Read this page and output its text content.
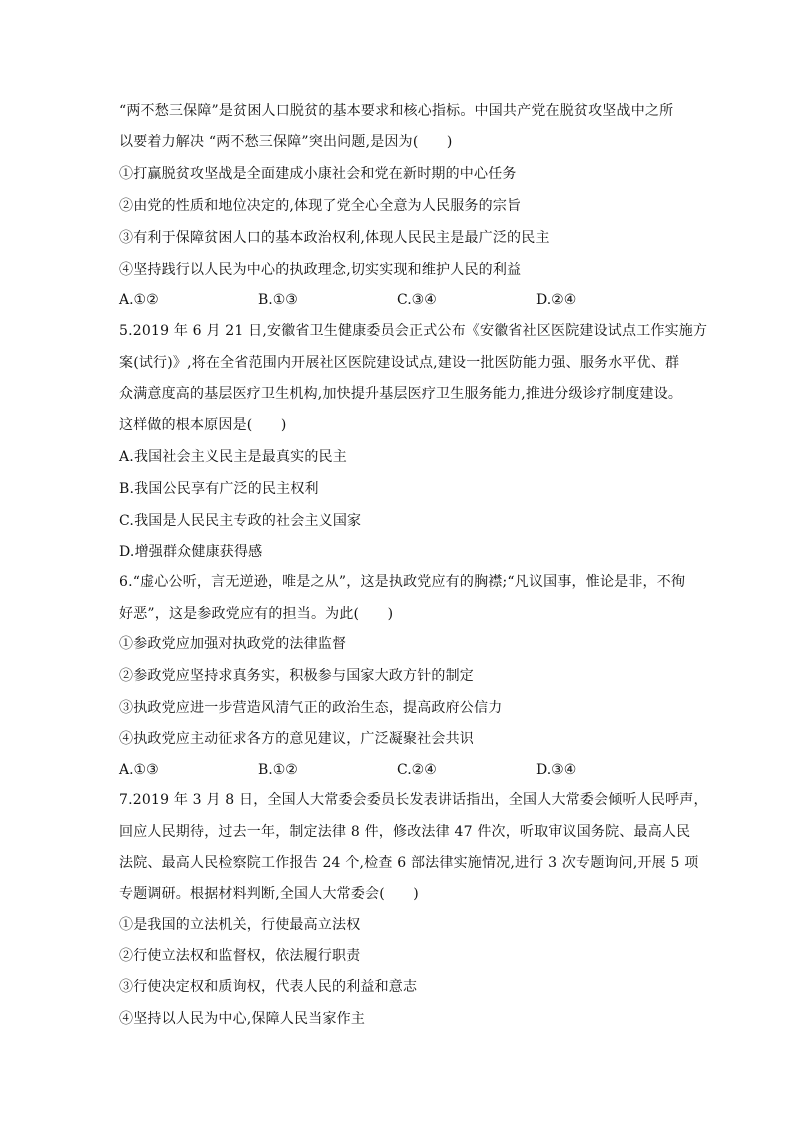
“两不愁三保障”是贫困人口脱贫的基本要求和核心指标。中国共产党在脱贫攻坚战中之所
以要着力解决 “两不愁三保障”突出问题,是因为(　　)
①打赢脱贫攻坚战是全面建成小康社会和党在新时期的中心任务
②由党的性质和地位决定的,体现了党全心全意为人民服务的宗旨
③有利于保障贫困人口的基本政治权利,体现人民民主是最广泛的民主
④坚持践行以人民为中心的执政理念,切实实现和维护人民的利益
A.①②	B.①③	C.③④	D.②④
5.2019 年 6 月 21 日,安徽省卫生健康委员会正式公布《安徽省社区医院建设试点工作实施方
案(试行)》,将在全省范围内开展社区医院建设试点,建设一批医防能力强、服务水平优、群
众满意度高的基层医疗卫生机构,加快提升基层医疗卫生服务能力,推进分级诊疗制度建设。
这样做的根本原因是(　　)
A.我国社会主义民主是最真实的民主
B.我国公民享有广泛的民主权利
C.我国是人民民主专政的社会主义国家
D.增强群众健康获得感
6.“虚心公听，言无逆逊，唯是之从”，这是执政党应有的胸襟;“凡议国事，惟论是非，不徇
好恶”，这是参政党应有的担当。为此(　　)
①参政党应加强对执政党的法律监督
②参政党应坚持求真务实，积极参与国家大政方针的制定
③执政党应进一步营造风清气正的政治生态，提高政府公信力
④执政党应主动征求各方的意见建议，广泛凝聚社会共识
A.①③	B.①②	C.②④	D.③④
7.2019 年 3 月 8 日，全国人大常委会委员长发表讲话指出，全国人大常委会倾听人民呼声，
回应人民期待，过去一年，制定法律 8 件，修改法律 47 件次，听取审议国务院、最高人民
法院、最高人民检察院工作报告 24 个,检查 6 部法律实施情况,进行 3 次专题询问,开展 5 项
专题调研。根据材料判断,全国人大常委会(　　)
①是我国的立法机关，行使最高立法权
②行使立法权和监督权，依法履行职责
③行使决定权和质询权，代表人民的利益和意志
④坚持以人民为中心,保障人民当家作主
